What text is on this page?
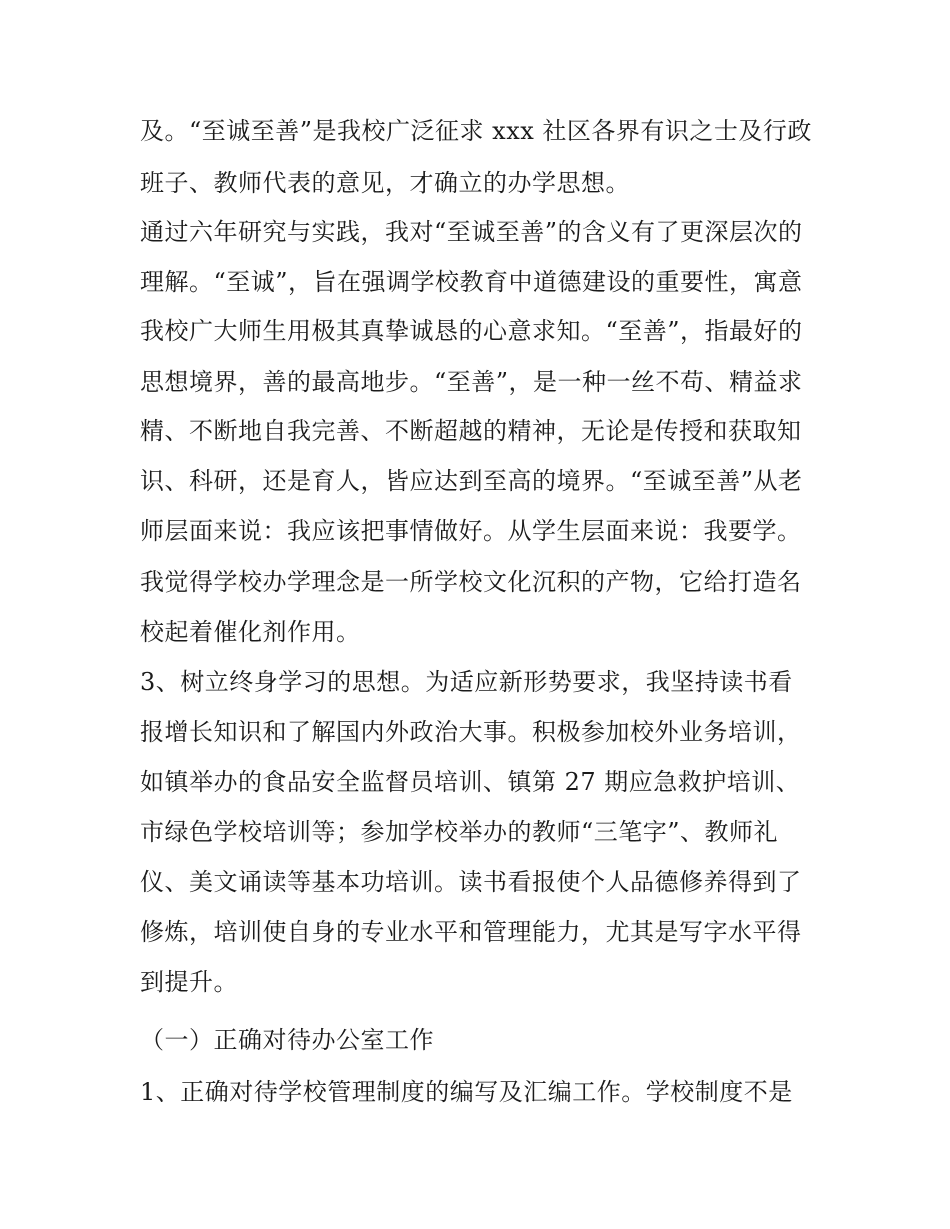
及。“至诚至善”是我校广泛征求 xxx 社区各界有识之士及行政
班子、教师代表的意见，才确立的办学思想。
通过六年研究与实践，我对“至诚至善”的含义有了更深层次的
理解。“至诚”，旨在强调学校教育中道德建设的重要性，寓意
我校广大师生用极其真挚诚恳的心意求知。“至善”，指最好的
思想境界，善的最高地步。“至善”，是一种一丝不苟、精益求
精、不断地自我完善、不断超越的精神，无论是传授和获取知
识、科研，还是育人，皆应达到至高的境界。“至诚至善”从老
师层面来说：我应该把事情做好。从学生层面来说：我要学。
我觉得学校办学理念是一所学校文化沉积的产物，它给打造名
校起着催化剂作用。
3、树立终身学习的思想。为适应新形势要求，我坚持读书看
报增长知识和了解国内外政治大事。积极参加校外业务培训，
如镇举办的食品安全监督员培训、镇第 27 期应急救护培训、
市绿色学校培训等；参加学校举办的教师“三笔字”、教师礼
仪、美文诵读等基本功培训。读书看报使个人品德修养得到了
修炼，培训使自身的专业水平和管理能力，尤其是写字水平得
到提升。
（一）正确对待办公室工作
1、正确对待学校管理制度的编写及汇编工作。学校制度不是
